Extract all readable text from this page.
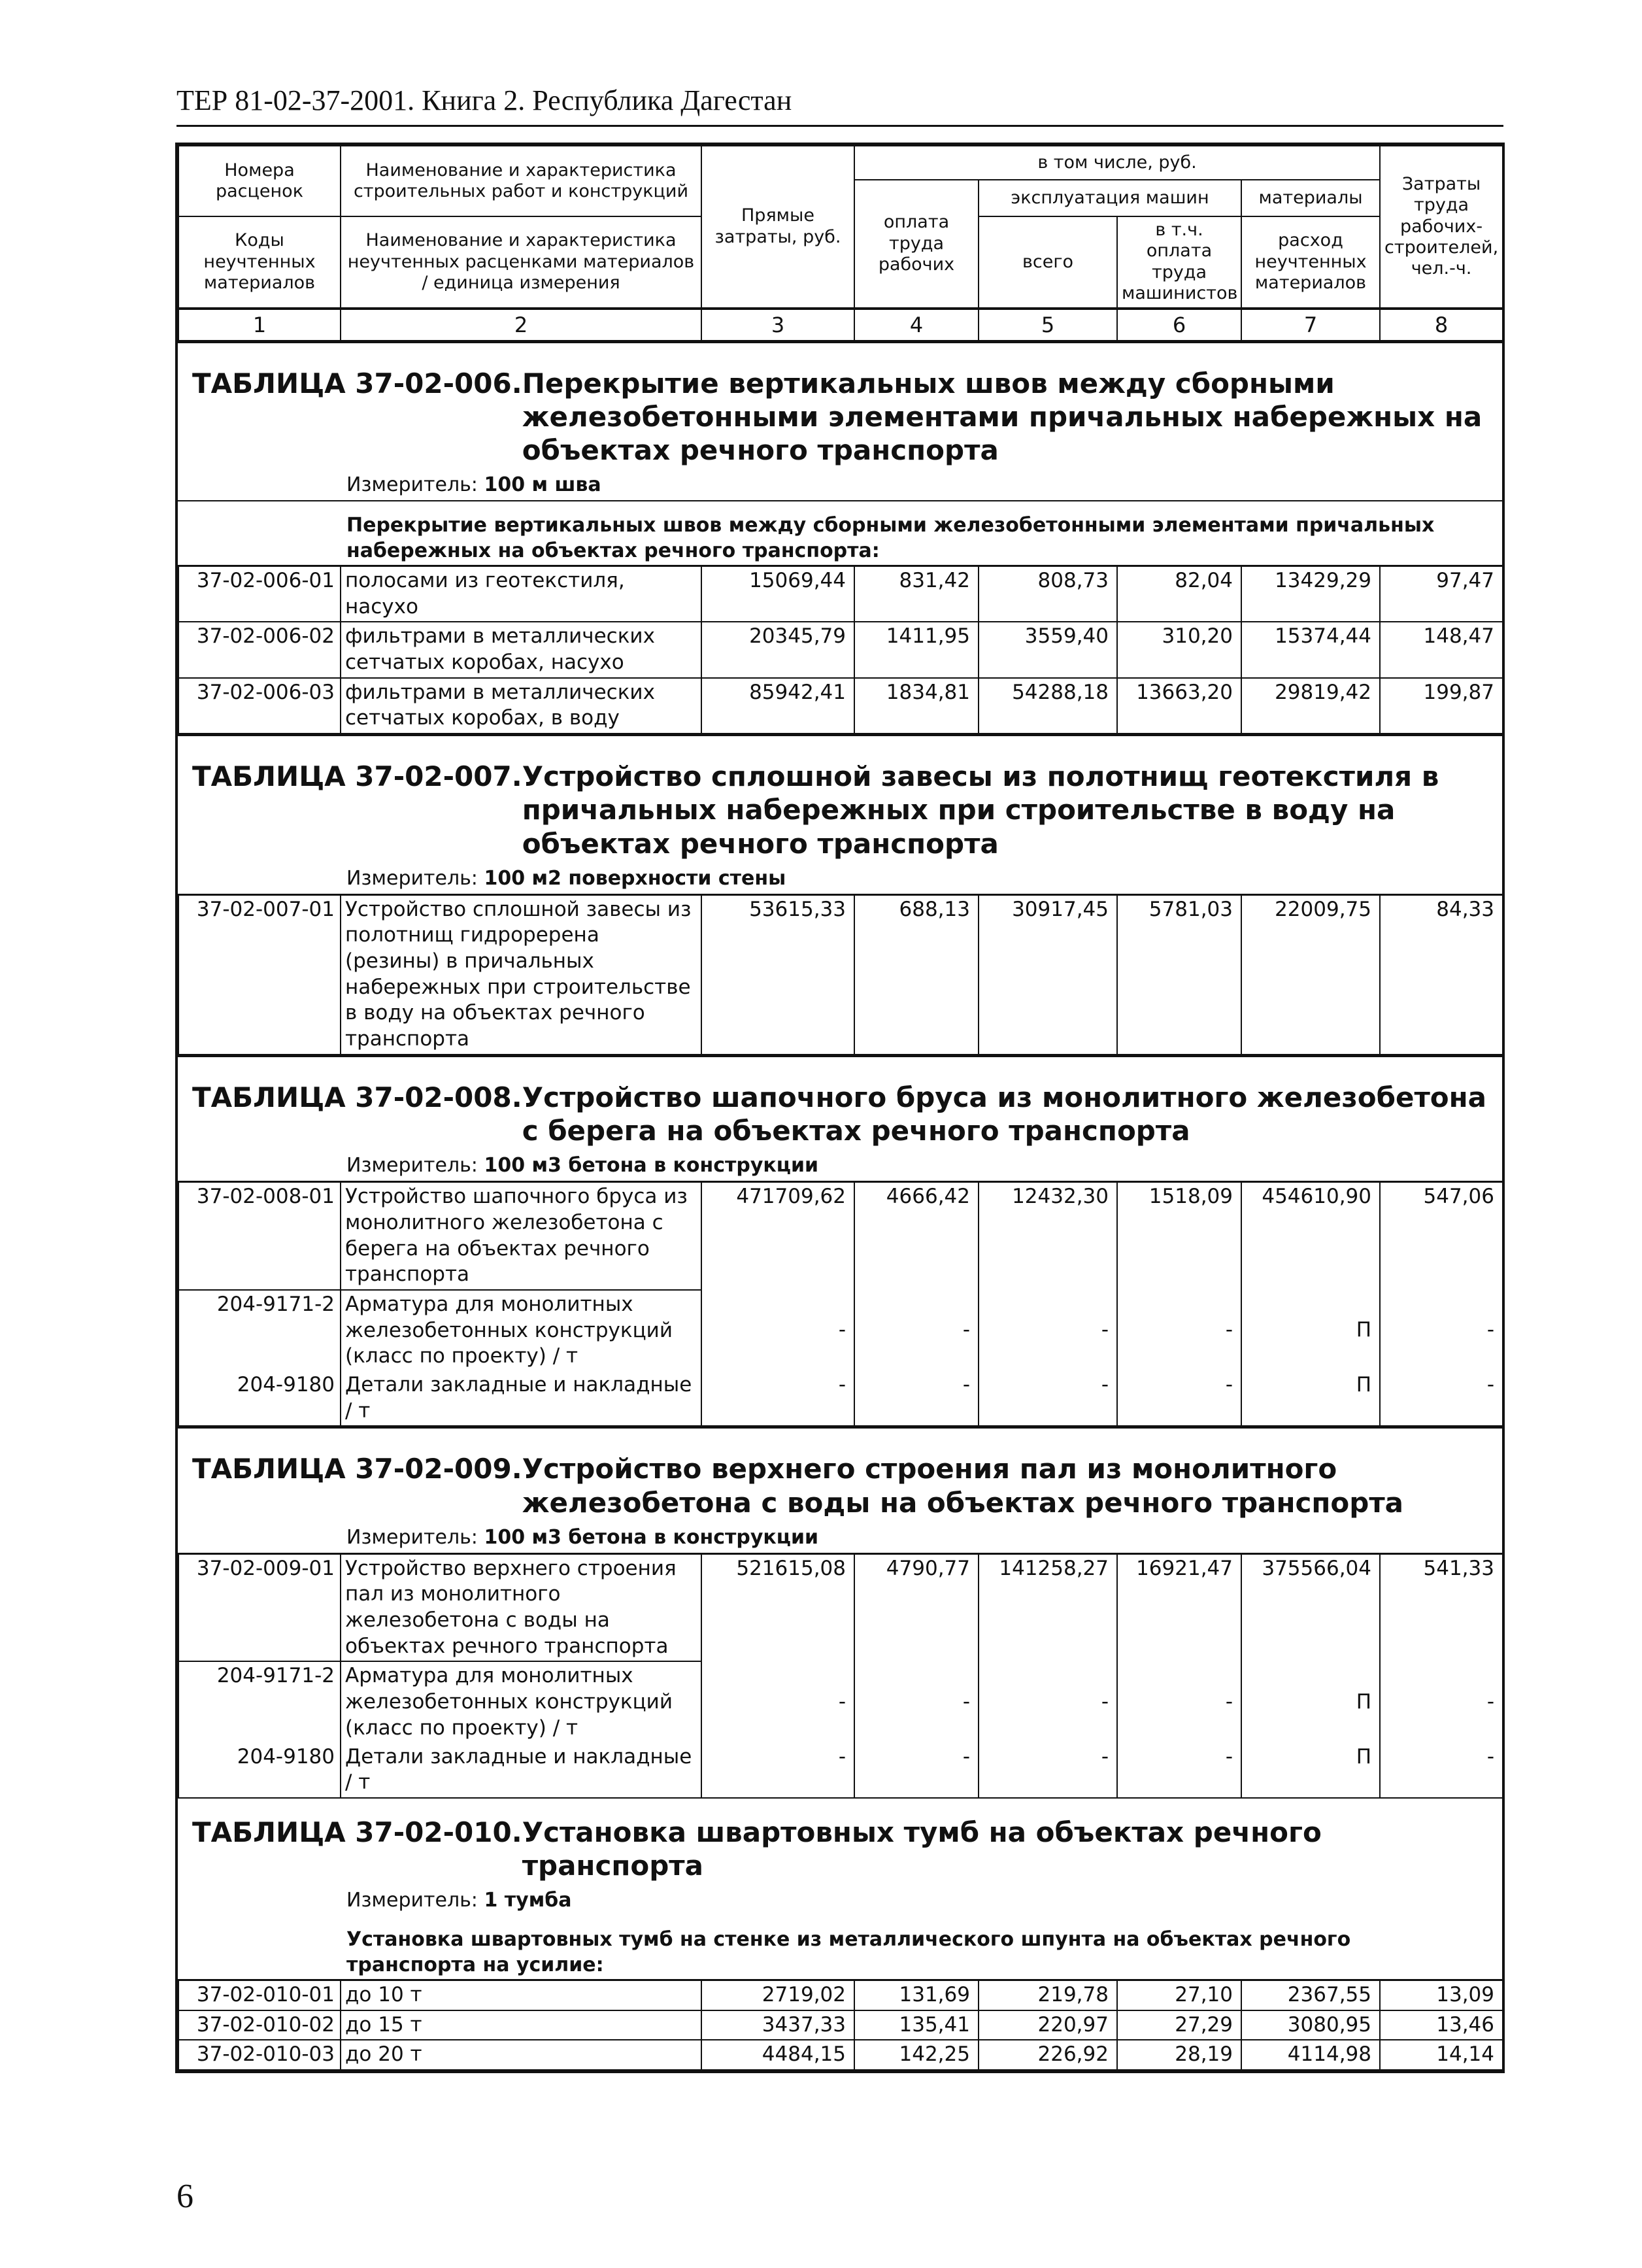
ТЕР 81-02-37-2001. Книга 2. Республика Дагестан
Номера расценок	Наименование и характеристика строительных работ и конструкций	Прямые затраты, руб.	в том числе, руб.				Затраты труда рабочих-строителей, чел.-ч.
			оплата труда рабочих	эксплуатация машин		материалы	
Коды неучтенных материалов	Наименование и характеристика неучтенных расценками материалов / единица измерения			всего	в т.ч. оплата труда машинистов	расход неучтенных материалов	

1	2	3	4	5	6	7	8
ТАБЛИЦА 37-02-006. Перекрытие вертикальных швов между сборными железобетонными элементами причальных набережных на объектах речного транспорта
Измеритель: 100 м шва
Перекрытие вертикальных швов между сборными железобетонными элементами причальных набережных на объектах речного транспорта:
37-02-006-01	полосами из геотекстиля, насухо	15069,44	831,42	808,73	82,04	13429,29	97,47
37-02-006-02	фильтрами в металлических сетчатых коробах, насухо	20345,79	1411,95	3559,40	310,20	15374,44	148,47
37-02-006-03	фильтрами в металлических сетчатых коробах, в воду	85942,41	1834,81	54288,18	13663,20	29819,42	199,87
ТАБЛИЦА 37-02-007. Устройство сплошной завесы из полотнищ геотекстиля в причальных набережных при строительстве в воду на объектах речного транспорта
Измеритель: 100 м2 поверхности стены
37-02-007-01	Устройство сплошной завесы из полотнищ гидроререна (резины) в причальных набережных при строительстве в воду на объектах речного транспорта	53615,33	688,13	30917,45	5781,03	22009,75	84,33
ТАБЛИЦА 37-02-008. Устройство шапочного бруса из монолитного железобетона с берега на объектах речного транспорта
Измеритель: 100 м3 бетона в конструкции
37-02-008-01	Устройство шапочного бруса из монолитного железобетона с берега на объектах речного транспорта	471709,62	4666,42	12432,30	1518,09	454610,90	547,06
204-9171-2	Арматура для монолитных железобетонных конструкций (класс по проекту) / т	-	-	-	-	П	-
204-9180	Детали закладные и накладные / т	-	-	-	-	П	-
ТАБЛИЦА 37-02-009. Устройство верхнего строения пал из монолитного железобетона с воды на объектах речного транспорта
Измеритель: 100 м3 бетона в конструкции
37-02-009-01	Устройство верхнего строения пал из монолитного железобетона с воды на объектах речного транспорта	521615,08	4790,77	141258,27	16921,47	375566,04	541,33
204-9171-2	Арматура для монолитных железобетонных конструкций (класс по проекту) / т	-	-	-	-	П	-
204-9180	Детали закладные и накладные / т	-	-	-	-	П	-
ТАБЛИЦА 37-02-010. Установка швартовных тумб на объектах речного транспорта
Измеритель: 1 тумба
Установка швартовных тумб на стенке из металлического шпунта на объектах речного транспорта на усилие:
37-02-010-01	до 10 т	2719,02	131,69	219,78	27,10	2367,55	13,09
37-02-010-02	до 15 т	3437,33	135,41	220,97	27,29	3080,95	13,46
37-02-010-03	до 20 т	4484,15	142,25	226,92	28,19	4114,98	14,14
6
